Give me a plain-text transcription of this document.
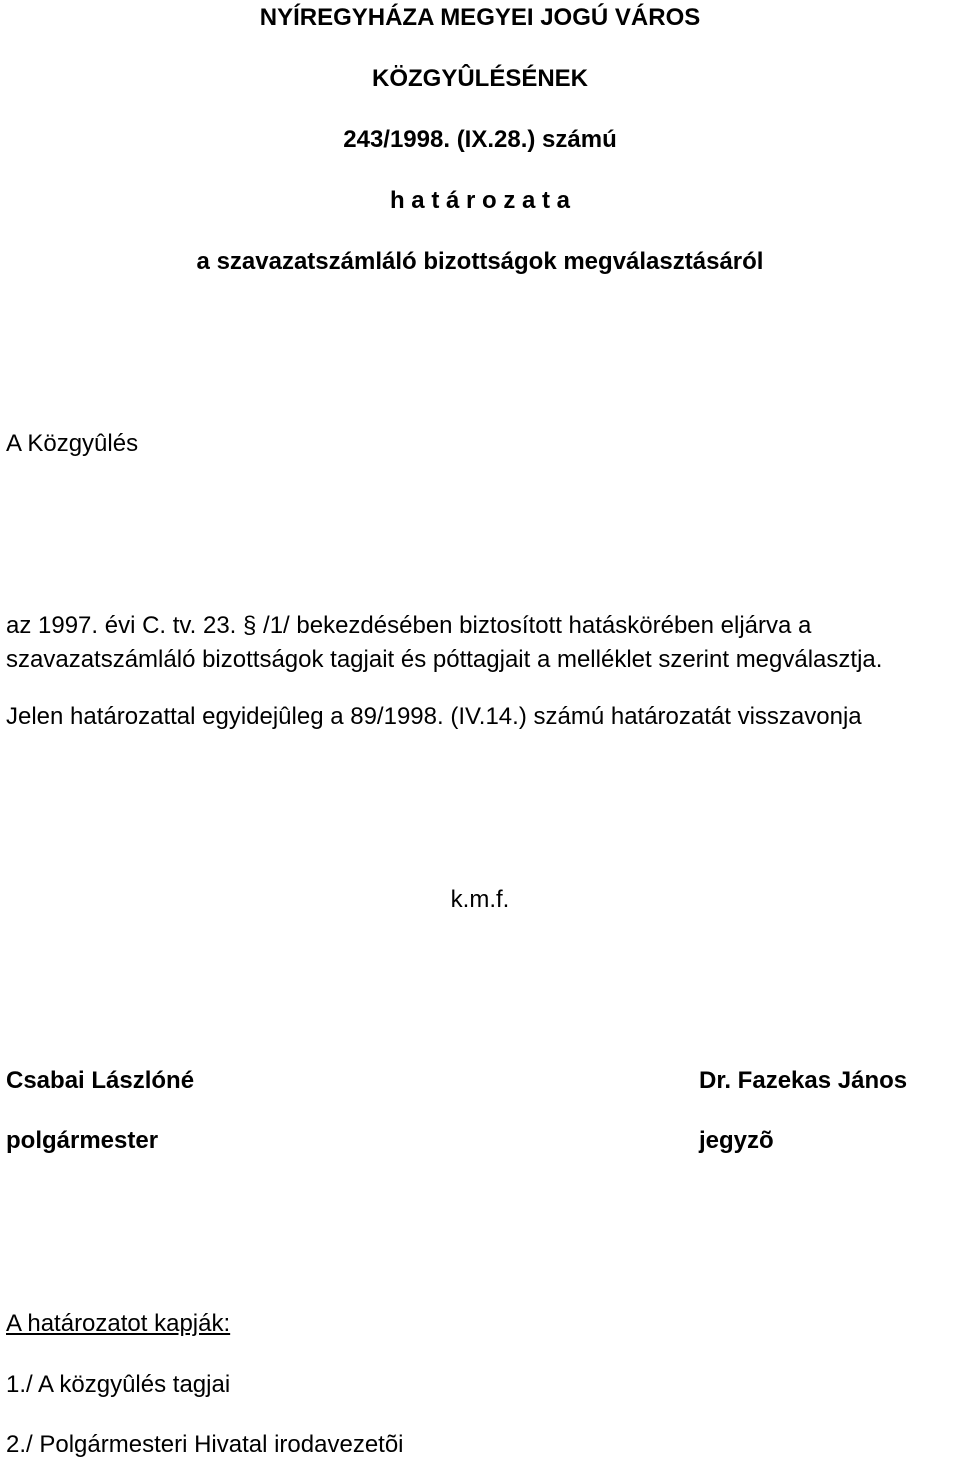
NYÍREGYHÁZA MEGYEI JOGÚ VÁROS

KÖZGYÛLÉSÉNEK

243/1998. (IX.28.) számú

h a t á r o z a t a

a szavazatszámláló bizottságok megválasztásáról

A Közgyûlés

az 1997. évi C. tv. 23. § /1/ bekezdésében biztosított hatáskörében eljárva a szavazatszámláló bizottságok tagjait és póttagjait a melléklet szerint megválasztja.

Jelen határozattal egyidejûleg a 89/1998. (IV.14.) számú határozatát visszavonja

k.m.f.

Csabai Lászlóné

polgármester

Dr. Fazekas János

jegyzõ

A határozatot kapják:

1./ A közgyûlés tagjai

2./ Polgármesteri Hivatal irodavezetõi
